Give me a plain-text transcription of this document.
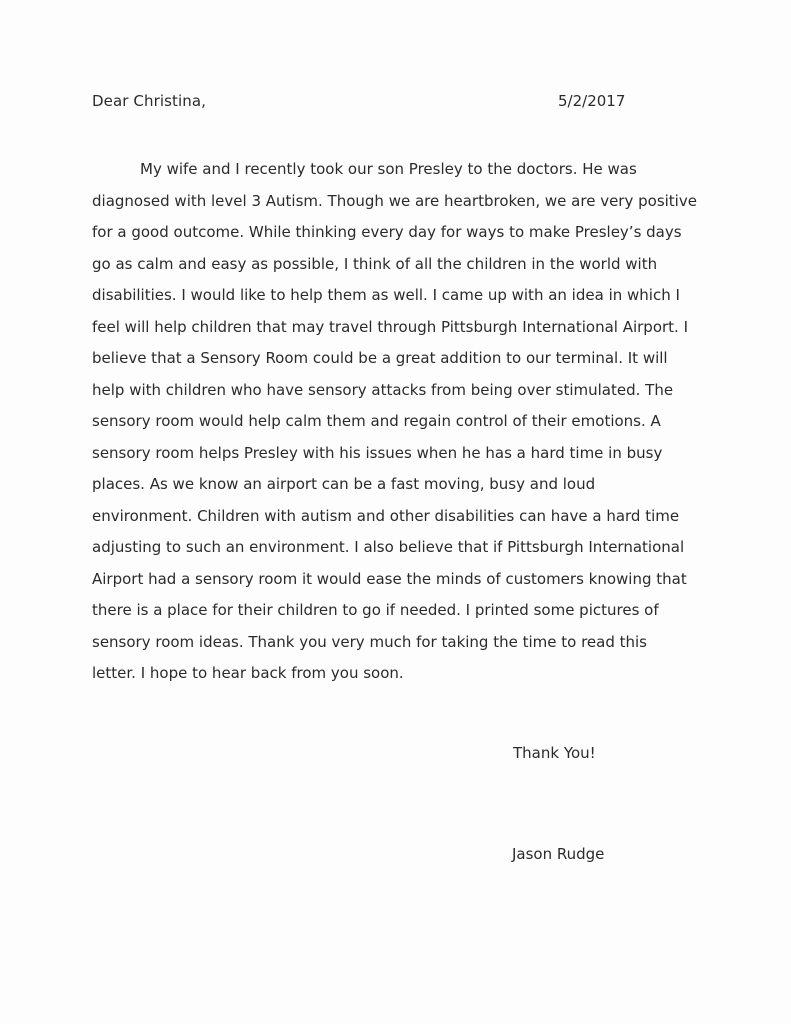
Dear Christina,	5/2/2017
My wife and I recently took our son Presley to the doctors. He was
diagnosed with level 3 Autism. Though we are heartbroken, we are very positive
for a good outcome. While thinking every day for ways to make Presley’s days
go as calm and easy as possible, I think of all the children in the world with
disabilities. I would like to help them as well. I came up with an idea in which I
feel will help children that may travel through Pittsburgh International Airport. I
believe that a Sensory Room could be a great addition to our terminal. It will
help with children who have sensory attacks from being over stimulated. The
sensory room would help calm them and regain control of their emotions. A
sensory room helps Presley with his issues when he has a hard time in busy
places. As we know an airport can be a fast moving, busy and loud
environment. Children with autism and other disabilities can have a hard time
adjusting to such an environment. I also believe that if Pittsburgh International
Airport had a sensory room it would ease the minds of customers knowing that
there is a place for their children to go if needed. I printed some pictures of
sensory room ideas. Thank you very much for taking the time to read this
letter. I hope to hear back from you soon.
Thank You!
Jason Rudge
